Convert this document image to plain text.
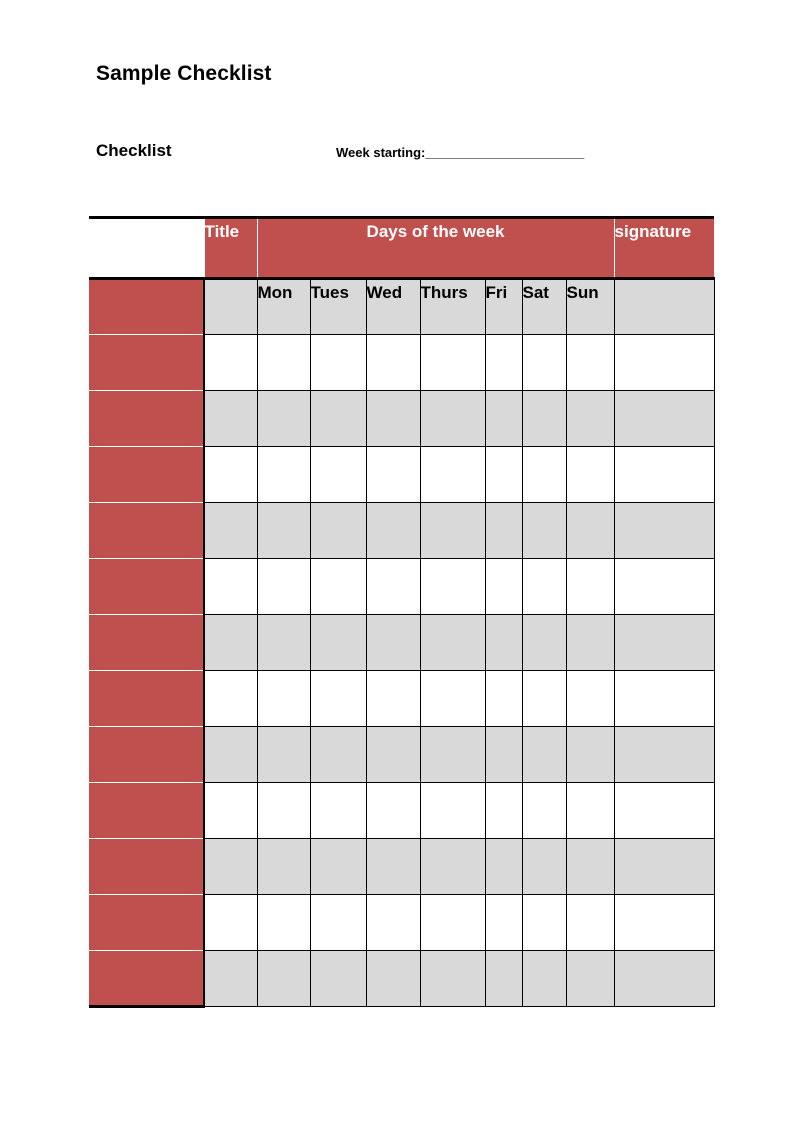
Sample Checklist
Checklist	Week starting:______________________
	Title	Days of the week							signature
		Mon	Tues	Wed	Thurs	Fri	Sat	Sun	
